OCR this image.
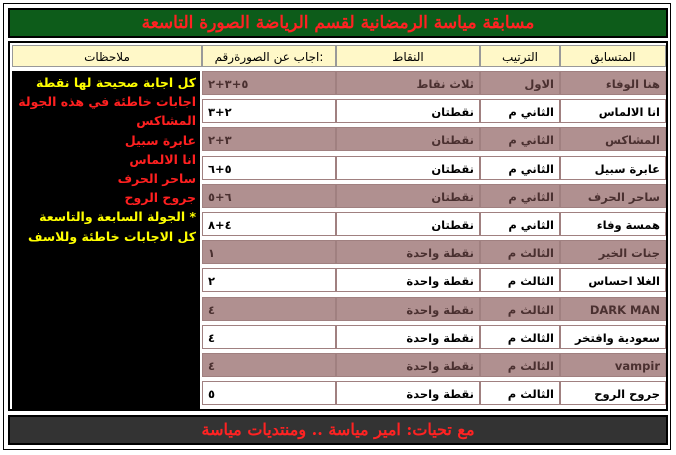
مسابقة مياسة الرمضانية لقسم الرياضة الصورة التاسعة
المتسابق
الترتيب
النقاط
اجاب عن الصورةرقم:
ملاحظات
هنا الوفاء
الاول
ثلاث نقاط
٥+٣+٢
انا الالماس
الثاني م
نقطتان
٢+٣
المشاكس
الثاني م
نقطتان
٣+٢
عابرة سبيل
الثاني م
نقطتان
٥+٦
ساحر الحرف
الثاني م
نقطتان
٦+٥
همسة وفاء
الثاني م
نقطتان
٤+٨
جنات الخير
الثالث م
نقطة واحدة
١
الغلا احساس
الثالث م
نقطة واحدة
٢
DARK MAN
الثالث م
نقطة واحدة
٤
سعودية وافتخر
الثالث م
نقطة واحدة
٤
vampir
الثالث م
نقطة واحدة
٤
جروح الروح
الثالث م
نقطة واحدة
٥
كل اجابة صحيحة لها نقطة
اجابات خاطئة في هذه الجولة
المشاكس
عابرة سبيل
انا الالماس
ساحر الحرف
جروح الروح
* الجولة السابعة والتاسعة
كل الاجابات خاطئة وللاسف
مع تحيات: امير مياسة .. ومنتديات مياسة
